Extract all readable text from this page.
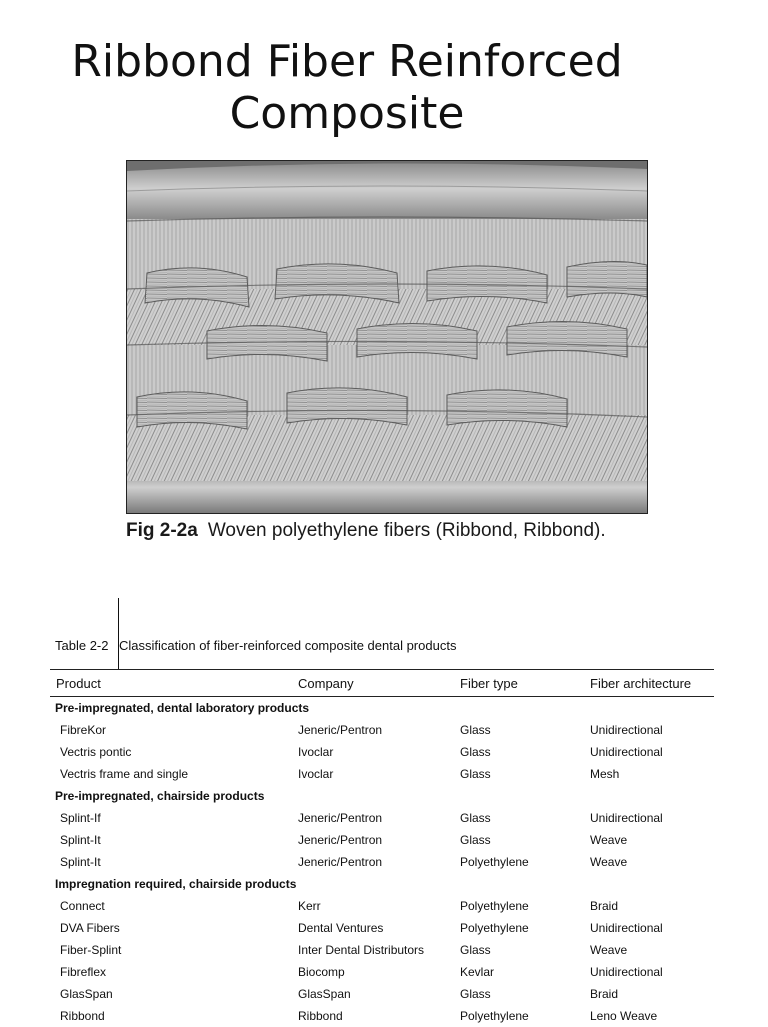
Ribbond Fiber Reinforced
Composite
Fig 2-2a Woven polyethylene fibers (Ribbond, Ribbond).
Table 2-2 Classification of fiber-reinforced composite dental products
Product	Company	Fiber type	Fiber architecture
Pre-impregnated, dental laboratory products
FibreKor	Jeneric/Pentron	Glass	Unidirectional
Vectris pontic	Ivoclar	Glass	Unidirectional
Vectris frame and single	Ivoclar	Glass	Mesh
Pre-impregnated, chairside products
Splint-If	Jeneric/Pentron	Glass	Unidirectional
Splint-It	Jeneric/Pentron	Glass	Weave
Splint-It	Jeneric/Pentron	Polyethylene	Weave
Impregnation required, chairside products
Connect	Kerr	Polyethylene	Braid
DVA Fibers	Dental Ventures	Polyethylene	Unidirectional
Fiber-Splint	Inter Dental Distributors	Glass	Weave
Fibreflex	Biocomp	Kevlar	Unidirectional
GlasSpan	GlasSpan	Glass	Braid
Ribbond	Ribbond	Polyethylene	Leno Weave
